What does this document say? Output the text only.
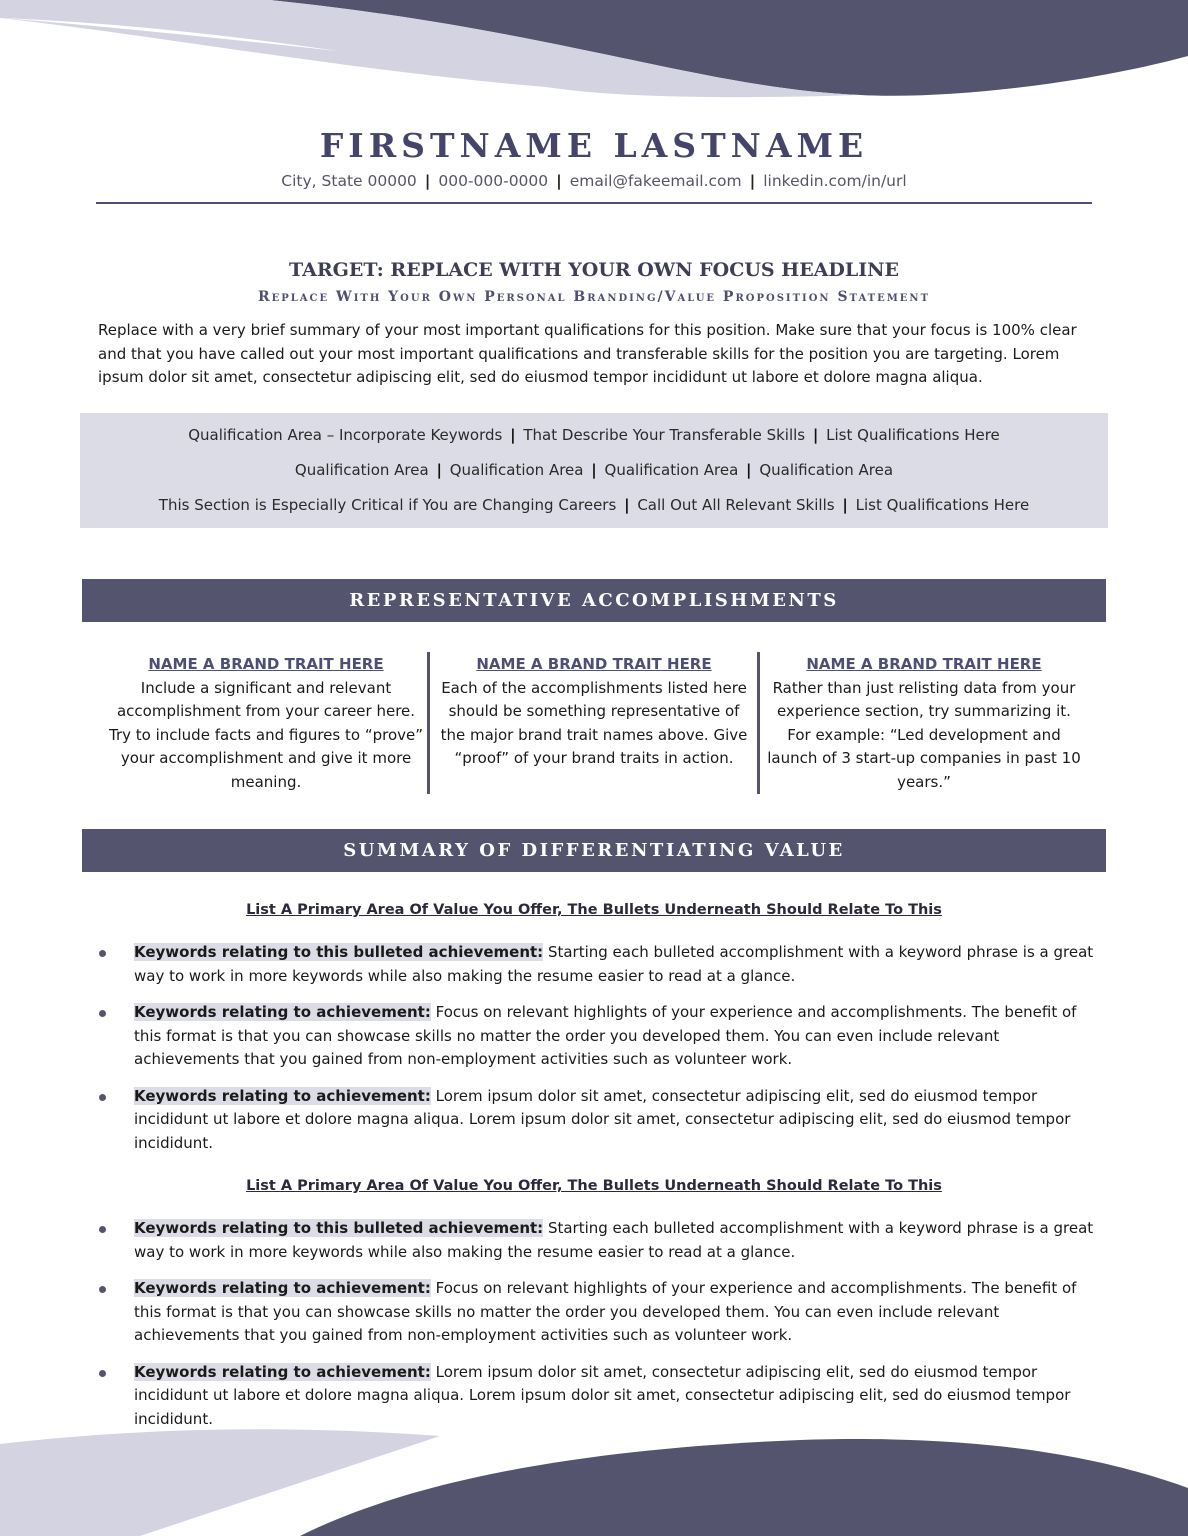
FIRSTNAME LASTNAME
City, State 00000 | 000-000-0000 | email@fakeemail.com | linkedin.com/in/url
TARGET: REPLACE WITH YOUR OWN FOCUS HEADLINE
Replace With Your Own Personal Branding/Value Proposition Statement
Replace with a very brief summary of your most important qualifications for this position. Make sure that your focus is 100% clear and that you have called out your most important qualifications and transferable skills for the position you are targeting. Lorem ipsum dolor sit amet, consectetur adipiscing elit, sed do eiusmod tempor incididunt ut labore et dolore magna aliqua.
Qualification Area – Incorporate Keywords | That Describe Your Transferable Skills | List Qualifications Here
Qualification Area | Qualification Area | Qualification Area | Qualification Area
This Section is Especially Critical if You are Changing Careers | Call Out All Relevant Skills | List Qualifications Here
REPRESENTATIVE ACCOMPLISHMENTS
NAME A BRAND TRAIT HERE
Include a significant and relevant accomplishment from your career here. Try to include facts and figures to “prove” your accomplishment and give it more meaning.
NAME A BRAND TRAIT HERE
Each of the accomplishments listed here should be something representative of the major brand trait names above. Give “proof” of your brand traits in action.
NAME A BRAND TRAIT HERE
Rather than just relisting data from your experience section, try summarizing it. For example: “Led development and launch of 3 start-up companies in past 10 years.”
SUMMARY OF DIFFERENTIATING VALUE
List A Primary Area Of Value You Offer, The Bullets Underneath Should Relate To This
Keywords relating to this bulleted achievement: Starting each bulleted accomplishment with a keyword phrase is a great way to work in more keywords while also making the resume easier to read at a glance.
Keywords relating to achievement: Focus on relevant highlights of your experience and accomplishments. The benefit of this format is that you can showcase skills no matter the order you developed them. You can even include relevant achievements that you gained from non-employment activities such as volunteer work.
Keywords relating to achievement: Lorem ipsum dolor sit amet, consectetur adipiscing elit, sed do eiusmod tempor incididunt ut labore et dolore magna aliqua. Lorem ipsum dolor sit amet, consectetur adipiscing elit, sed do eiusmod tempor incididunt.
List A Primary Area Of Value You Offer, The Bullets Underneath Should Relate To This
Keywords relating to this bulleted achievement: Starting each bulleted accomplishment with a keyword phrase is a great way to work in more keywords while also making the resume easier to read at a glance.
Keywords relating to achievement: Focus on relevant highlights of your experience and accomplishments. The benefit of this format is that you can showcase skills no matter the order you developed them. You can even include relevant achievements that you gained from non-employment activities such as volunteer work.
Keywords relating to achievement: Lorem ipsum dolor sit amet, consectetur adipiscing elit, sed do eiusmod tempor incididunt ut labore et dolore magna aliqua. Lorem ipsum dolor sit amet, consectetur adipiscing elit, sed do eiusmod tempor incididunt.
